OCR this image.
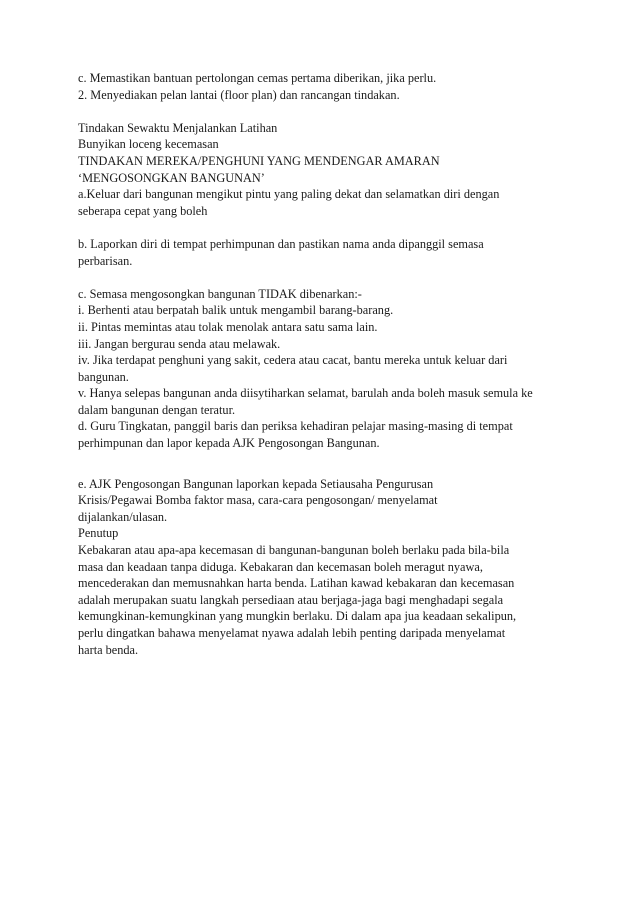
c. Memastikan bantuan pertolongan cemas pertama diberikan, jika perlu.
2. Menyediakan pelan lantai (floor plan) dan rancangan tindakan.
Tindakan Sewaktu Menjalankan Latihan
Bunyikan loceng kecemasan
TINDAKAN MEREKA/PENGHUNI YANG MENDENGAR AMARAN
‘MENGOSONGKAN BANGUNAN’
a.Keluar dari bangunan mengikut pintu yang paling dekat dan selamatkan diri dengan
seberapa cepat yang boleh
b. Laporkan diri di tempat perhimpunan dan pastikan nama anda dipanggil semasa
perbarisan.
c. Semasa mengosongkan bangunan TIDAK dibenarkan:-
i. Berhenti atau berpatah balik untuk mengambil barang-barang.
ii. Pintas memintas atau tolak menolak antara satu sama lain.
iii. Jangan bergurau senda atau melawak.
iv. Jika terdapat penghuni yang sakit, cedera atau cacat, bantu mereka untuk keluar dari
bangunan.
v. Hanya selepas bangunan anda diisytiharkan selamat, barulah anda boleh masuk semula ke
dalam bangunan dengan teratur.
d. Guru Tingkatan, panggil baris dan periksa kehadiran pelajar masing-masing di tempat
perhimpunan dan lapor kepada AJK Pengosongan Bangunan.
e. AJK Pengosongan Bangunan laporkan kepada Setiausaha Pengurusan
Krisis/Pegawai Bomba faktor masa, cara-cara pengosongan/ menyelamat
dijalankan/ulasan.
Penutup
Kebakaran atau apa-apa kecemasan di bangunan-bangunan boleh berlaku pada bila-bila
masa dan keadaan tanpa diduga. Kebakaran dan kecemasan boleh meragut nyawa,
mencederakan dan memusnahkan harta benda. Latihan kawad kebakaran dan kecemasan
adalah merupakan suatu langkah persediaan atau berjaga-jaga bagi menghadapi segala
kemungkinan-kemungkinan yang mungkin berlaku. Di dalam apa jua keadaan sekalipun,
perlu dingatkan bahawa menyelamat nyawa adalah lebih penting daripada menyelamat
harta benda.
